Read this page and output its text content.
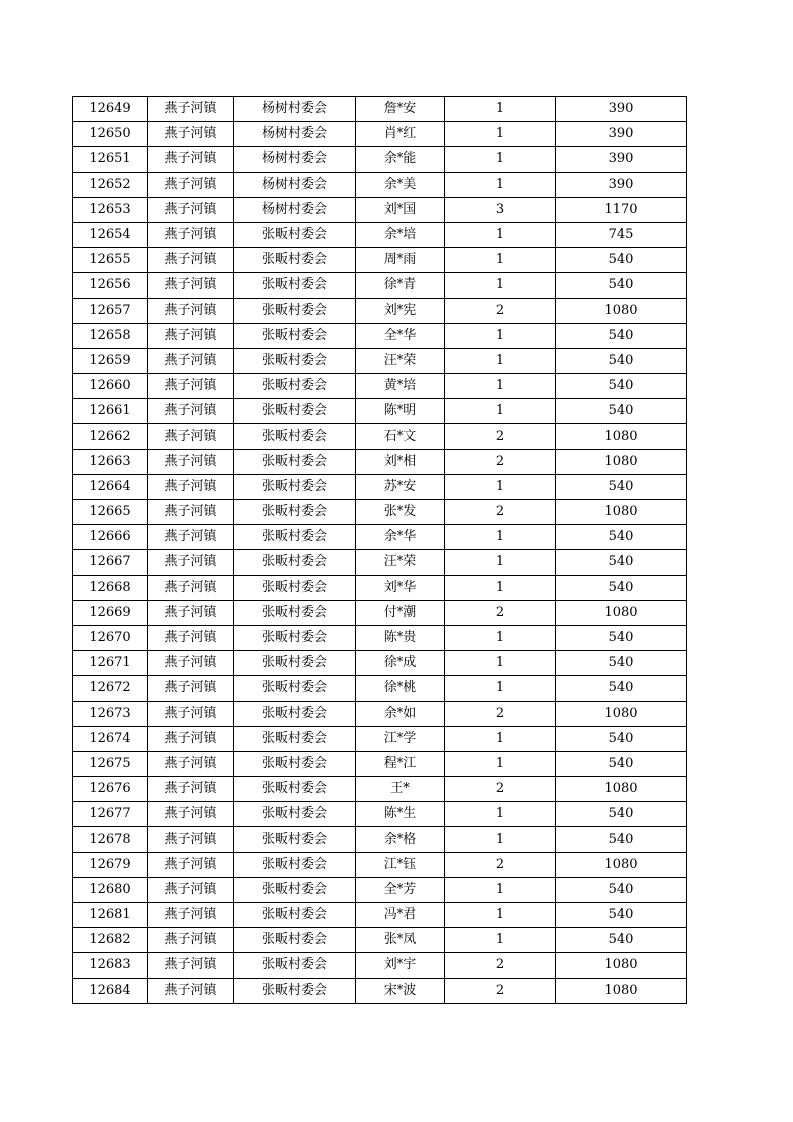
12649	燕子河镇	杨树村委会	詹*安	1	390
12650	燕子河镇	杨树村委会	肖*红	1	390
12651	燕子河镇	杨树村委会	余*能	1	390
12652	燕子河镇	杨树村委会	余*美	1	390
12653	燕子河镇	杨树村委会	刘*国	3	1170
12654	燕子河镇	张畈村委会	余*培	1	745
12655	燕子河镇	张畈村委会	周*雨	1	540
12656	燕子河镇	张畈村委会	徐*青	1	540
12657	燕子河镇	张畈村委会	刘*宪	2	1080
12658	燕子河镇	张畈村委会	全*华	1	540
12659	燕子河镇	张畈村委会	汪*荣	1	540
12660	燕子河镇	张畈村委会	黄*培	1	540
12661	燕子河镇	张畈村委会	陈*明	1	540
12662	燕子河镇	张畈村委会	石*文	2	1080
12663	燕子河镇	张畈村委会	刘*相	2	1080
12664	燕子河镇	张畈村委会	苏*安	1	540
12665	燕子河镇	张畈村委会	张*发	2	1080
12666	燕子河镇	张畈村委会	余*华	1	540
12667	燕子河镇	张畈村委会	汪*荣	1	540
12668	燕子河镇	张畈村委会	刘*华	1	540
12669	燕子河镇	张畈村委会	付*潮	2	1080
12670	燕子河镇	张畈村委会	陈*贵	1	540
12671	燕子河镇	张畈村委会	徐*成	1	540
12672	燕子河镇	张畈村委会	徐*桃	1	540
12673	燕子河镇	张畈村委会	余*如	2	1080
12674	燕子河镇	张畈村委会	江*学	1	540
12675	燕子河镇	张畈村委会	程*江	1	540
12676	燕子河镇	张畈村委会	王*	2	1080
12677	燕子河镇	张畈村委会	陈*生	1	540
12678	燕子河镇	张畈村委会	余*格	1	540
12679	燕子河镇	张畈村委会	江*钰	2	1080
12680	燕子河镇	张畈村委会	全*芳	1	540
12681	燕子河镇	张畈村委会	冯*君	1	540
12682	燕子河镇	张畈村委会	张*凤	1	540
12683	燕子河镇	张畈村委会	刘*宇	2	1080
12684	燕子河镇	张畈村委会	宋*波	2	1080
